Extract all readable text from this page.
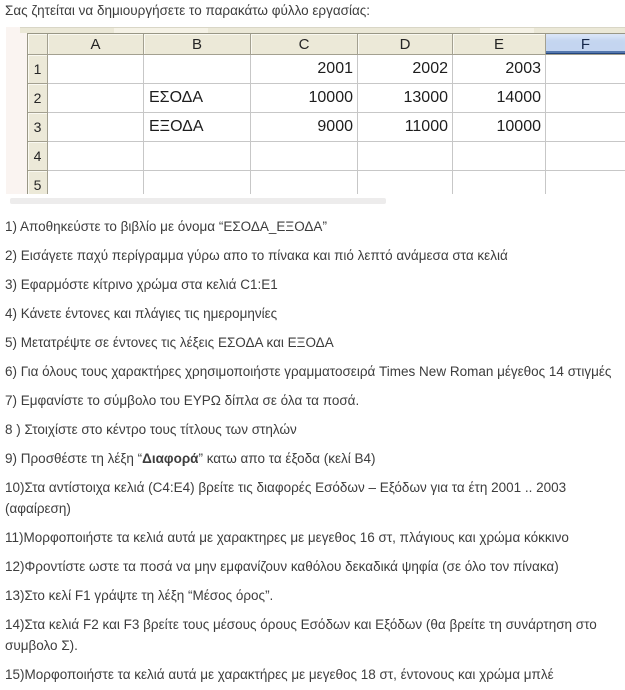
Σας ζητείται να δημιουργήσετε το παρακάτω φύλλο εργασίας:
	A	B	C	D	E	F
1			2001	2002	2003	
2		ΕΣΟΔΑ	10000	13000	14000	
3		ΕΞΟΔΑ	9000	11000	10000	
4						
5						

1) Αποθηκεύστε το βιβλίο με όνομα “ΕΣΟΔΑ_ΕΞΟΔΑ”

2) Εισάγετε παχύ περίγραμμα γύρω απο το πίνακα και πιό λεπτό ανάμεσα στα κελιά

3) Εφαρμόστε κίτρινο χρώμα στα κελιά C1:E1

4) Κάνετε έντονες και πλάγιες τις ημερομηνίες

5) Μετατρέψτε σε έντονες τις λέξεις ΕΣΟΔΑ και ΕΞΟΔΑ

6) Για όλους τους χαρακτήρες χρησιμοποιήστε γραμματοσειρά Times New Roman μέγεθος 14 στιγμές

7) Εμφανίστε το σύμβολο του ΕΥΡΩ δίπλα σε όλα τα ποσά.

8 ) Στοιχίστε στο κέντρο τους τίτλους των στηλών

9) Προσθέστε τη λέξη “Διαφορά” κατω απο τα έξοδα (κελί B4)

10)Στα αντίστοιχα κελιά (C4:E4) βρείτε τις διαφορές Εσόδων – Εξόδων για τα έτη 2001 .. 2003 (αφαίρεση)

11)Μορφοποιήστε τα κελιά αυτά με χαρακτηρες με μεγεθος 16 στ, πλάγιους και χρώμα κόκκινο

12)Φροντίστε ωστε τα ποσά να μην εμφανίζουν καθόλου δεκαδικά ψηφία (σε όλο τον πίνακα)

13)Στο κελί F1 γράψτε τη λέξη “Μέσος όρος”.

14)Στα κελιά F2 και F3 βρείτε τους μέσους όρους Εσόδων και Εξόδων (θα βρείτε τη συνάρτηση στο συμβολο Σ).

15)Μορφοποιήστε τα κελιά αυτά με χαρακτήρες με μεγεθος 18 στ, έντονους και χρώμα μπλέ
